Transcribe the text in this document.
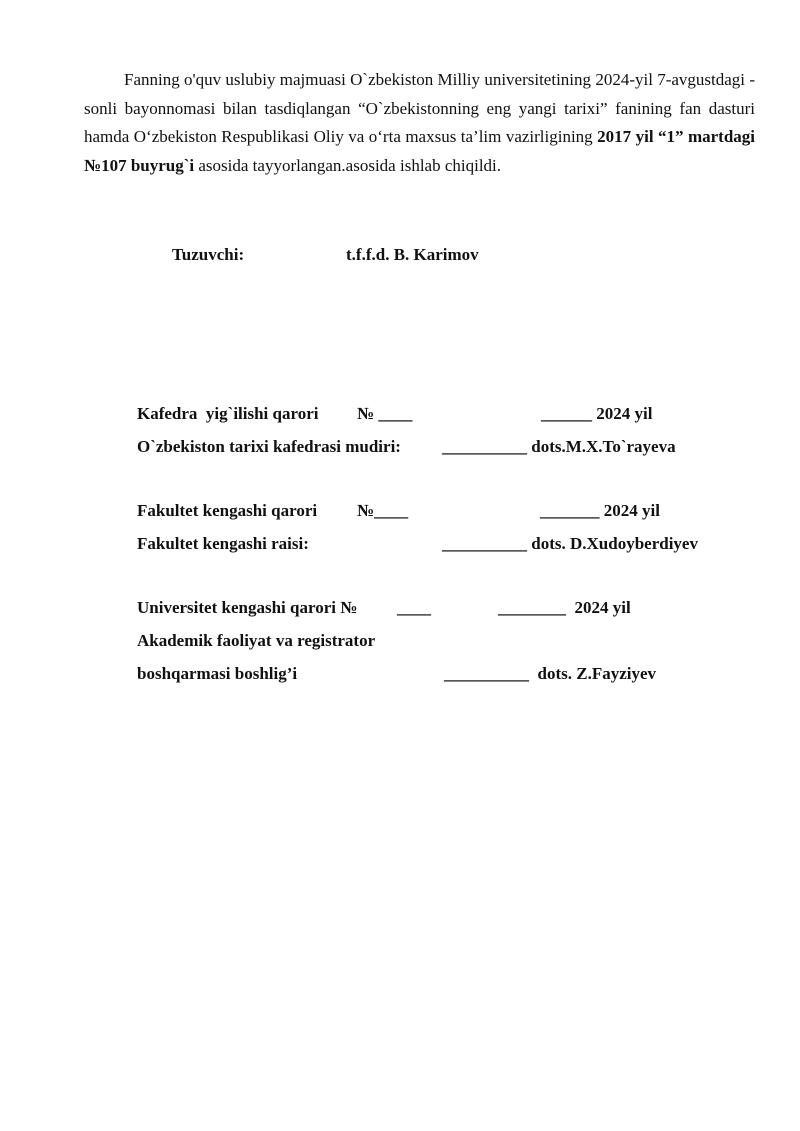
Fanning o'quv uslubiy majmuasi O`zbekiston Milliy universitetining 2024-yil 7-avgustdagi -sonli bayonnomasi bilan tasdiqlangan “O`zbekistonning eng yangi tarixi” fanining fan dasturi hamda O‘zbekiston Respublikasi Oliy va o‘rta maxsus ta’lim vazirligining 2017 yil “1” martdagi №107 buyrug`i asosida tayyorlangan.asosida ishlab chiqildi.

Tuzuvchi:	t.f.f.d. B. Karimov
Kafedra  yig`ilishi qarori № ____	______ 2024 yil
O`zbekiston tarixi kafedrasi mudiri: __________ dots.M.X.To`rayeva
Fakultet kengashi qarori №____	_______ 2024 yil
Fakultet kengashi raisi:	__________ dots. D.Xudoyberdiyev
Universitet kengashi qarori № ____	________  2024 yil
Akademik faoliyat va registrator
boshqarmasi boshlig’i	__________  dots. Z.Fayziyev
